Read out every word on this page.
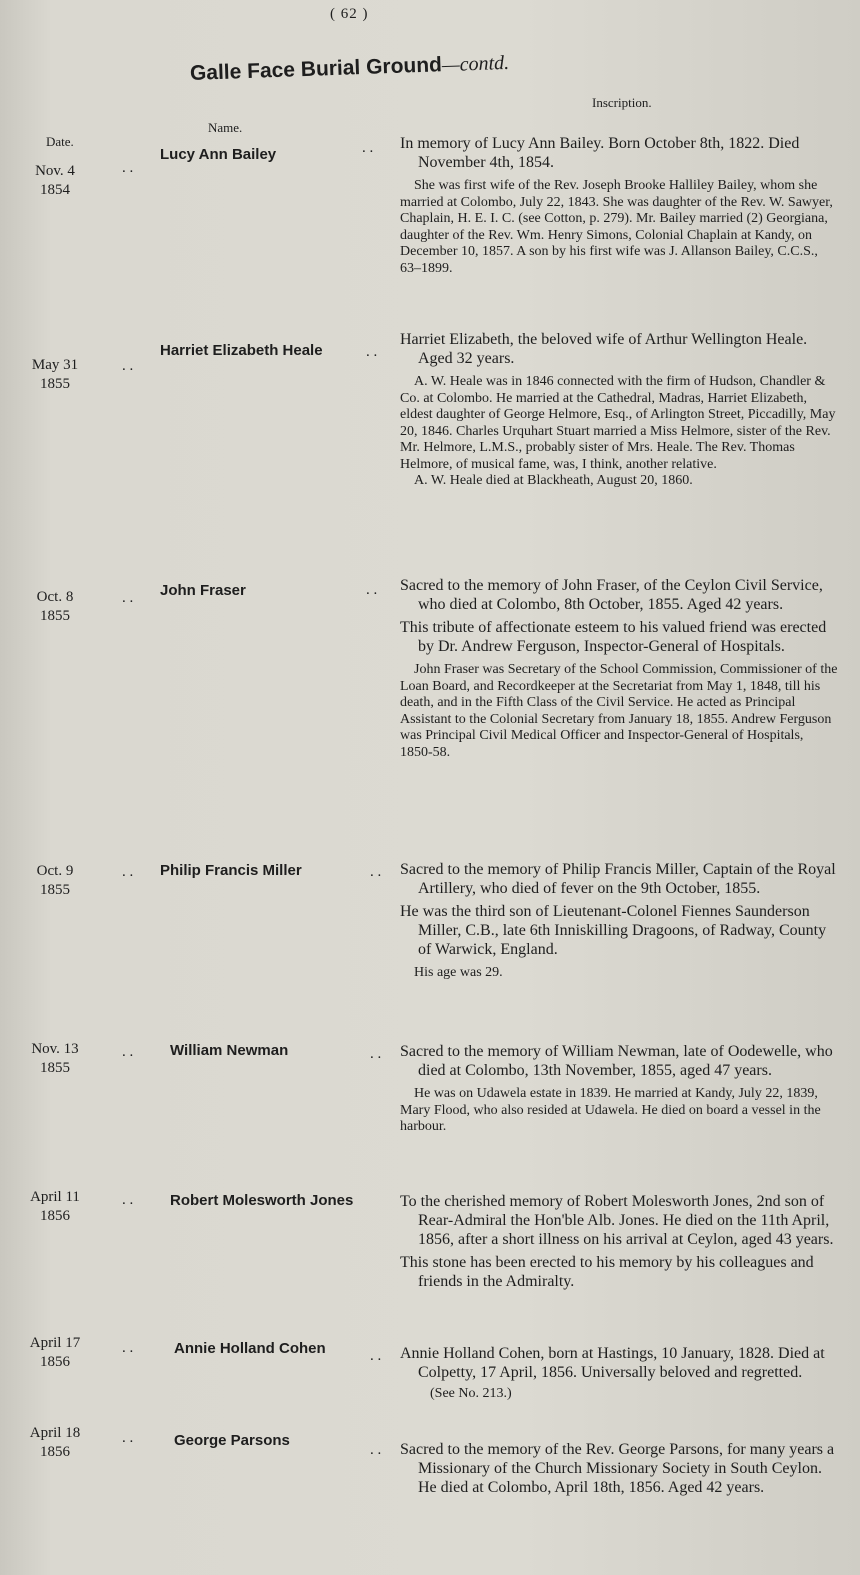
( 62 )
Galle Face Burial Ground—contd.
Date.
Name.
Inscription.
Nov. 4
1854
. .
Lucy Ann Bailey	. . In memory of Lucy Ann Bailey. Born October 8th, 1822. Died November 4th, 1854.

She was first wife of the Rev. Joseph Brooke Halliley Bailey, whom she married at Colombo, July 22, 1843. She was daughter of the Rev. W. Sawyer, Chaplain, H. E. I. C. (see Cotton, p. 279). Mr. Bailey married (2) Georgiana, daughter of the Rev. Wm. Henry Simons, Colonial Chaplain at Kandy, on December 10, 1857. A son by his first wife was J. Allanson Bailey, C.C.S., 63–1899.

May 31
1855
. .
Harriet Elizabeth Heale	. .

Harriet Elizabeth, the beloved wife of Arthur Wellington Heale. Aged 32 years.

A. W. Heale was in 1846 connected with the firm of Hudson, Chandler & Co. at Colombo. He married at the Cathedral, Madras, Harriet Elizabeth, eldest daughter of George Helmore, Esq., of Arlington Street, Piccadilly, May 20, 1846. Charles Urquhart Stuart married a Miss Helmore, sister of the Rev. Mr. Helmore, L.M.S., probably sister of Mrs. Heale. The Rev. Thomas Helmore, of musical fame, was, I think, another relative.

A. W. Heale died at Blackheath, August 20, 1860.

Oct. 8
1855
. . John Fraser	. . Sacred to the memory of John Fraser, of the Ceylon Civil Service, who died at Colombo, 8th October, 1855. Aged 42 years.

This tribute of affectionate esteem to his valued friend was erected by Dr. Andrew Ferguson, Inspector-General of Hospitals.

John Fraser was Secretary of the School Commission, Commissioner of the Loan Board, and Recordkeeper at the Secretariat from May 1, 1848, till his death, and in the Fifth Class of the Civil Service. He acted as Principal Assistant to the Colonial Secretary from January 18, 1855. Andrew Ferguson was Principal Civil Medical Officer and Inspector-General of Hospitals, 1850-58.

Oct. 9
1855
. . Philip Francis Miller	. . Sacred to the memory of Philip Francis Miller, Captain of the Royal Artillery, who died of fever on the 9th October, 1855.

He was the third son of Lieutenant-Colonel Fiennes Saunderson Miller, C.B., late 6th Inniskilling Dragoons, of Radway, County of Warwick, England.

His age was 29.

Nov. 13
1855
. . William Newman	. . Sacred to the memory of William Newman, late of Oodewelle, who died at Colombo, 13th November, 1855, aged 47 years.

He was on Udawela estate in 1839. He married at Kandy, July 22, 1839, Mary Flood, who also resided at Udawela. He died on board a vessel in the harbour.

April 11
1856
. . Robert Molesworth Jones	To the cherished memory of Robert Molesworth Jones, 2nd son of Rear-Admiral the Hon'ble Alb. Jones. He died on the 11th April, 1856, after a short illness on his arrival at Ceylon, aged 43 years.

This stone has been erected to his memory by his colleagues and friends in the Admiralty.

April 17
1856
. .	Annie Holland Cohen	. . Annie Holland Cohen, born at Hastings, 10 January, 1828. Died at Colpetty, 17 April, 1856. Universally beloved and regretted.

(See No. 213.)

April 18
1856
. .	George Parsons
. . Sacred to the memory of the Rev. George Parsons, for many years a Missionary of the Church Missionary Society in South Ceylon. He died at Colombo, April 18th, 1856. Aged 42 years.
